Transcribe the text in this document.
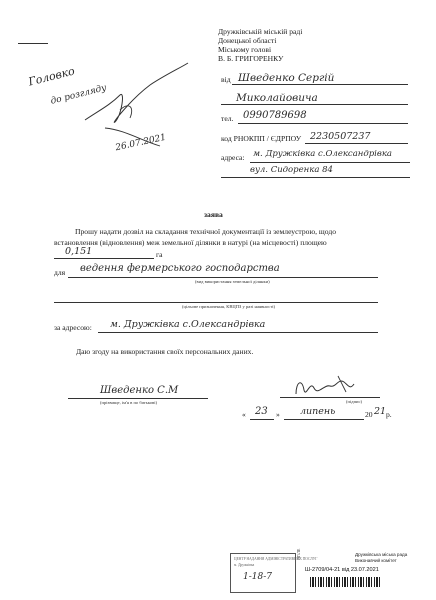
Дружківській міській раді
Донецької області
Міському голові
В. Б. ГРИГОРЕНКУ
Головко
до розгляду
26.07.2021
від Шведенко Сергій
Миколайовича
тел. 0990789698
код РНОКПП / ЄДРПОУ 2230507237
адреса: м. Дружківка с.Олександрівка
вул. Сидоренка 84
заява
Прошу надати дозвіл на складання технічної документації із землеустрою, щодо
встановлення (відновлення) меж земельної ділянки в натурі (на місцевості) площею
0,151	га
для ведення фермерського господарства
(вид використання земельної ділянки)
(цільове призначення, КВЦПЗ у разі наявності)
за адресою: м. Дружківка с.Олександрівка
Даю згоду на використання своїх персональних даних.
Шведенко С.М
(прізвище, ім'я в по батькові)	(підпис)
« 23 » липень	20 21 р.
ЦЕНТР НАДАННЯ АДМІНІСТРАТИВНИХ ПОСЛУГ
м. Дружківка
1-18-7
ЛГ/ЛЕ	Дружківська міська рада
Виконавчий комітет
Ш-2709/04-21 від 23.07.2021
